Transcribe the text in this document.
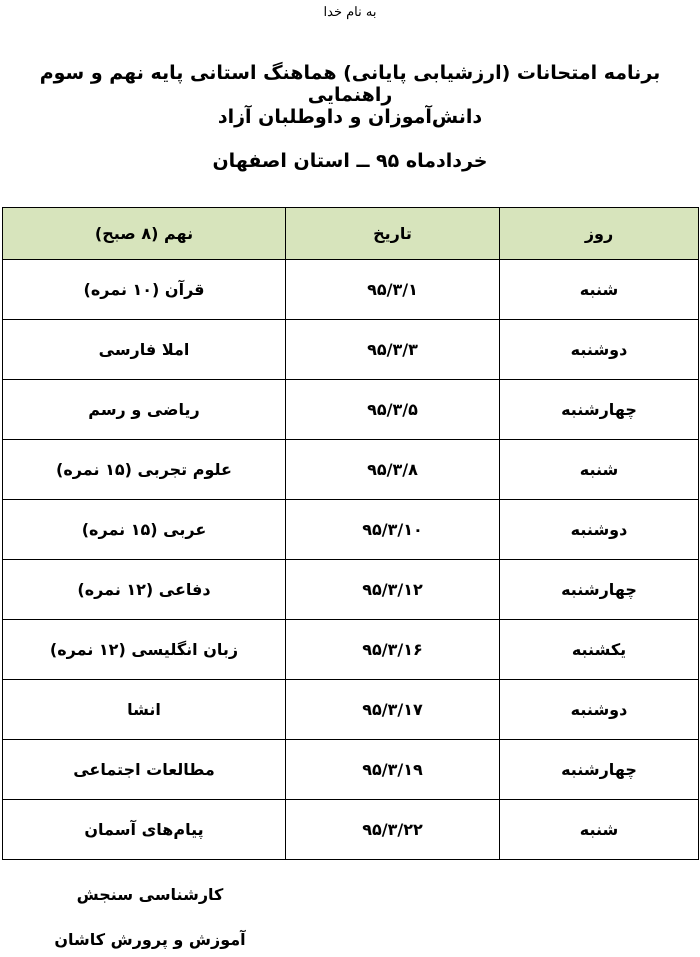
به نام خدا
برنامه امتحانات (ارزشیابی پایانی) هماهنگ استانی پایه نهم و سوم راهنمایی
دانش‌آموزان و داوطلبان آزاد
خردادماه ۹۵ ــ استان اصفهان
روز	تاریخ	نهم (۸ صبح)
شنبه	۹۵/۳/۱	قرآن (۱۰ نمره)
دوشنبه	۹۵/۳/۳	املا فارسی
چهارشنبه	۹۵/۳/۵	ریاضی و رسم
شنبه	۹۵/۳/۸	علوم تجربی (۱۵ نمره)
دوشنبه	۹۵/۳/۱۰	عربی (۱۵ نمره)
چهارشنبه	۹۵/۳/۱۲	دفاعی (۱۲ نمره)
یکشنبه	۹۵/۳/۱۶	زبان انگلیسی (۱۲ نمره)
دوشنبه	۹۵/۳/۱۷	انشا
چهارشنبه	۹۵/۳/۱۹	مطالعات اجتماعی
شنبه	۹۵/۳/۲۲	پیام‌های آسمان
کارشناسی سنجش
آموزش و پرورش کاشان
